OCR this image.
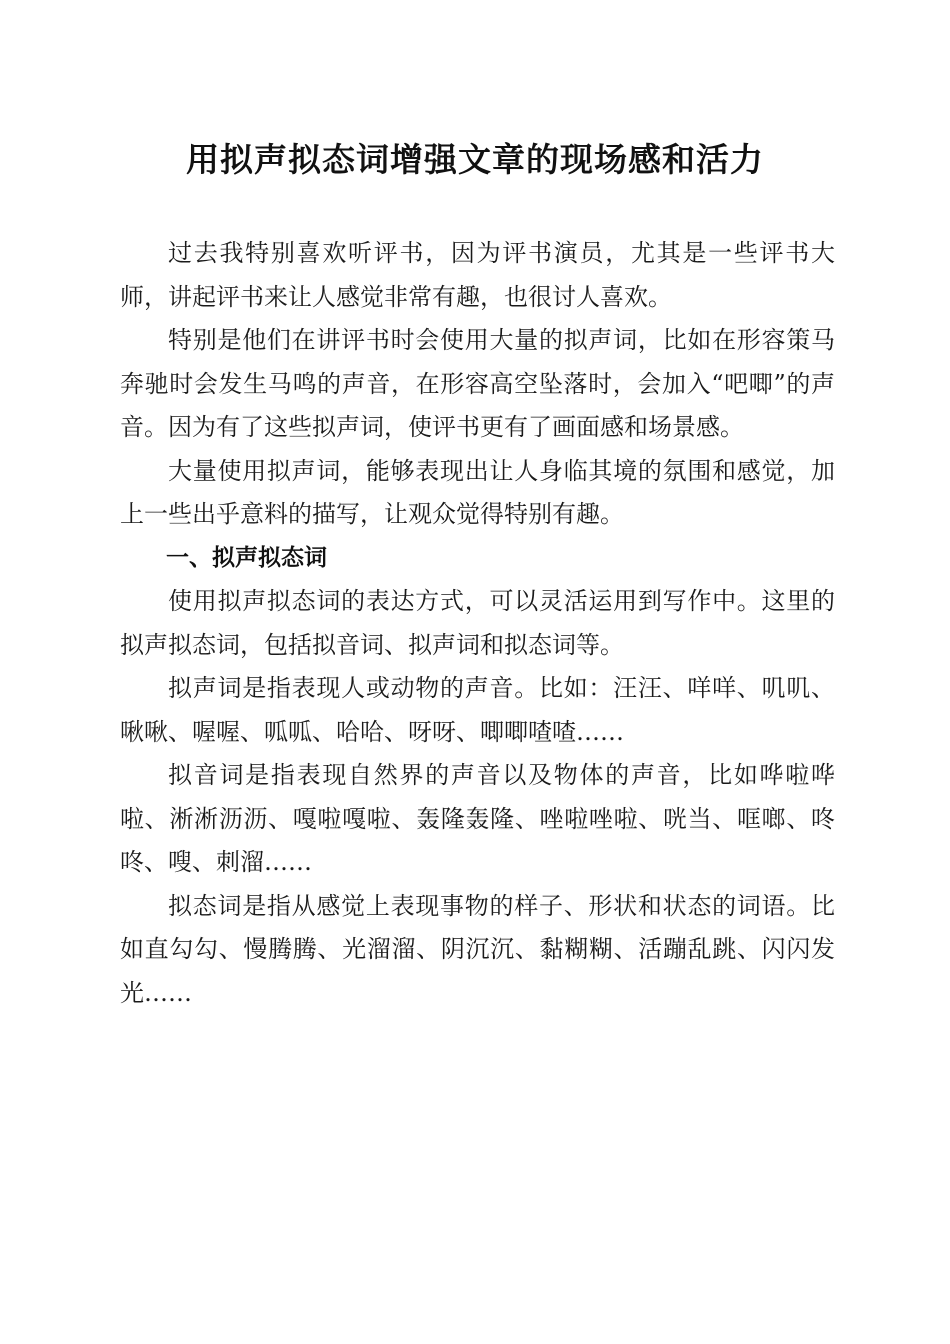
用拟声拟态词增强文章的现场感和活力

过去我特别喜欢听评书，因为评书演员，尤其是一些评书大师，讲起评书来让人感觉非常有趣，也很讨人喜欢。

特别是他们在讲评书时会使用大量的拟声词，比如在形容策马奔驰时会发生马鸣的声音，在形容高空坠落时，会加入“吧唧”的声音。因为有了这些拟声词，使评书更有了画面感和场景感。

大量使用拟声词，能够表现出让人身临其境的氛围和感觉，加上一些出乎意料的描写，让观众觉得特别有趣。

一、拟声拟态词

使用拟声拟态词的表达方式，可以灵活运用到写作中。这里的拟声拟态词，包括拟音词、拟声词和拟态词等。

拟声词是指表现人或动物的声音。比如：汪汪、咩咩、叽叽、啾啾、喔喔、呱呱、哈哈、呀呀、唧唧喳喳……

拟音词是指表现自然界的声音以及物体的声音，比如哗啦哗啦、淅淅沥沥、嘎啦嘎啦、轰隆轰隆、唑啦唑啦、咣当、哐啷、咚咚、嗖、刺溜……

拟态词是指从感觉上表现事物的样子、形状和状态的词语。比如直勾勾、慢腾腾、光溜溜、阴沉沉、黏糊糊、活蹦乱跳、闪闪发光……
